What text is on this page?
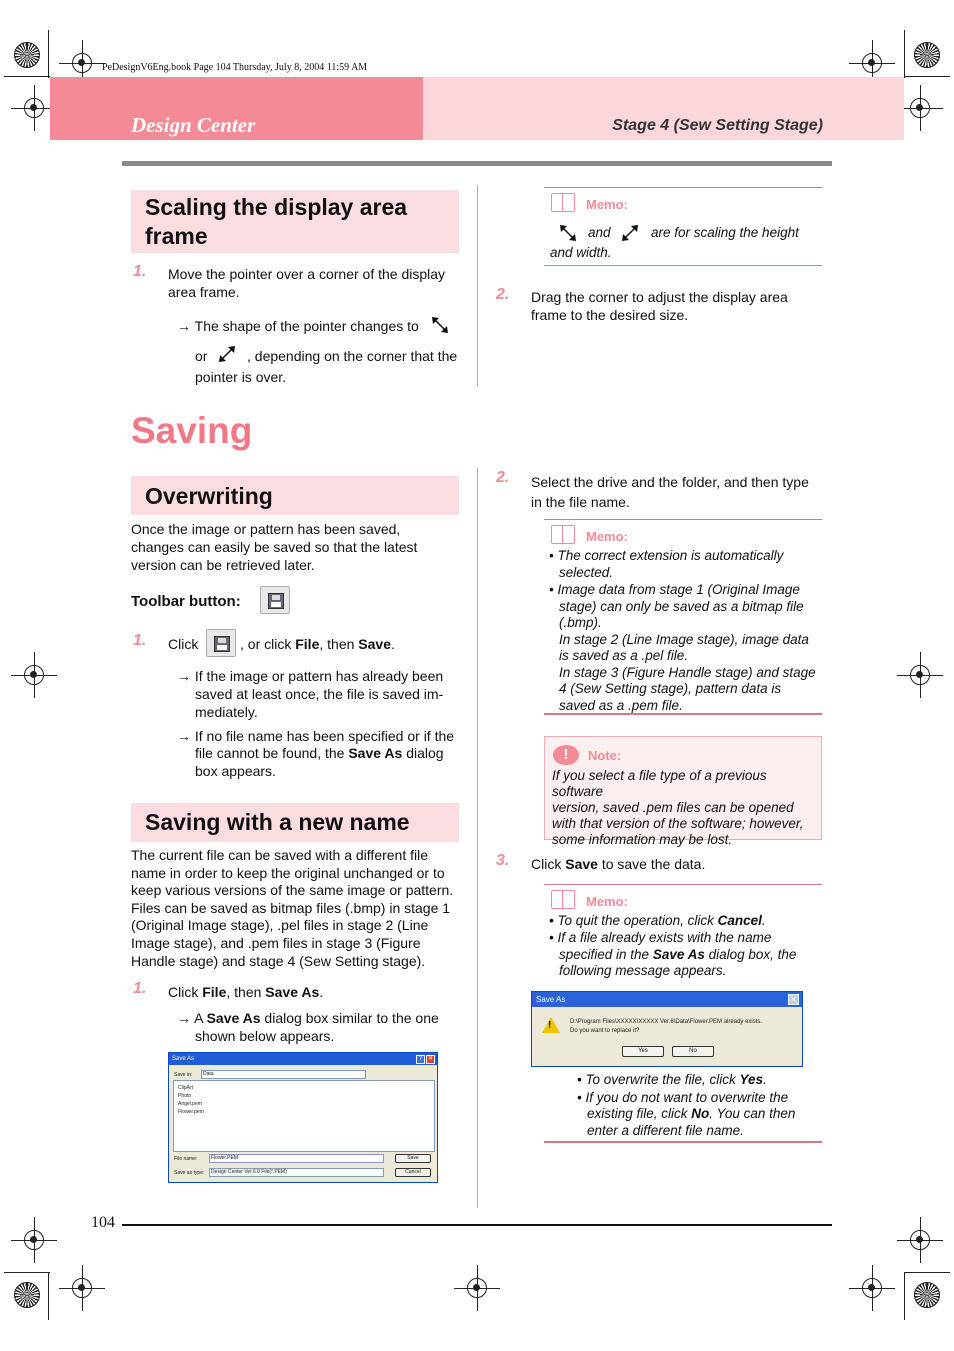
PeDesignV6Eng.book Page 104 Thursday, July 8, 2004 11:59 AM
Design Center	Stage 4 (Sew Setting Stage)
Scaling the display area
frame
1. Move the pointer over a corner of the display
area frame.
→ The shape of the pointer changes to
or	, depending on the corner that the
pointer is over.
Memo:
and	are for scaling the height
and width.
2. Drag the corner to adjust the display area
frame to the desired size.
Saving
Overwriting
Once the image or pattern has been saved,
changes can easily be saved so that the latest
version can be retrieved later.
Toolbar button:
1. Click	, or click File, then Save.
→ If the image or pattern has already been
saved at least once, the file is saved im-
mediately.
→ If no file name has been specified or if the
file cannot be found, the Save As dialog
box appears.
Saving with a new name
The current file can be saved with a different file
name in order to keep the original unchanged or to
keep various versions of the same image or pattern.
Files can be saved as bitmap files (.bmp) in stage 1
(Original Image stage), .pel files in stage 2 (Line
Image stage), and .pem files in stage 3 (Figure
Handle stage) and stage 4 (Sew Setting stage).
1. Click File, then Save As.
→ A Save As dialog box similar to the one
shown below appears.
Save As	? ✕
Save in:	Data
ClipArt
Photo
Angel.pem
Flower.pem
File name:	Flower.PEM
Save as type:	Design Center Ver.6.0 File(*.PEM)
Save
Cancel
2. Select the drive and the folder, and then type
in the file name.
Memo:
• The correct extension is automatically
selected.
• Image data from stage 1 (Original Image
stage) can only be saved as a bitmap file
(.bmp).
In stage 2 (Line Image stage), image data
is saved as a .pel file.
In stage 3 (Figure Handle stage) and stage
4 (Sew Setting stage), pattern data is
saved as a .pem file.
!	Note:
If you select a file type of a previous software
version, saved .pem files can be opened
with that version of the software; however,
some information may be lost.
3. Click Save to save the data.
Memo:
• To quit the operation, click Cancel.
• If a file already exists with the name
specified in the Save As dialog box, the
following message appears.
Save As	✕
!	D:\Program Files\XXXXX\XXXXX Ver.6\Data\Flower.PEM already exists.
Do you want to replace it?
Yes	No
• To overwrite the file, click Yes.
• If you do not want to overwrite the
existing file, click No. You can then
enter a different file name.
104
